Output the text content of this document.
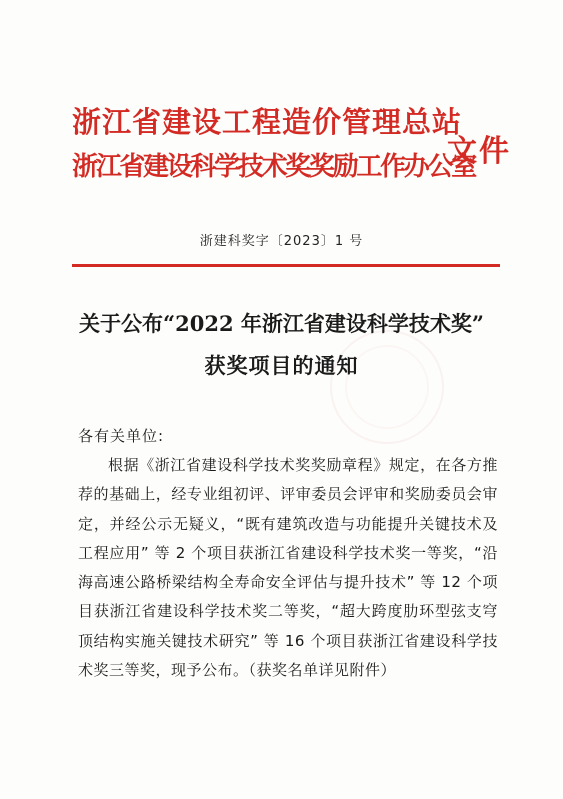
浙江省建设工程造价管理总站
浙江省建设科学技术奖奖励工作办公室
文件
浙建科奖字〔2023〕1 号
关于公布“2022 年浙江省建设科学技术奖”
获奖项目的通知
各有关单位:

根据《浙江省建设科学技术奖奖励章程》规定，在各方推荐的基础上，经专业组初评、评审委员会评审和奖励委员会审定，并经公示无疑义，“既有建筑改造与功能提升关键技术及工程应用” 等 2 个项目获浙江省建设科学技术奖一等奖，“沿海高速公路桥梁结构全寿命安全评估与提升技术” 等 12 个项目获浙江省建设科学技术奖二等奖，“超大跨度肋环型弦支穹顶结构实施关键技术研究” 等 16 个项目获浙江省建设科学技术奖三等奖，现予公布。（获奖名单详见附件）
